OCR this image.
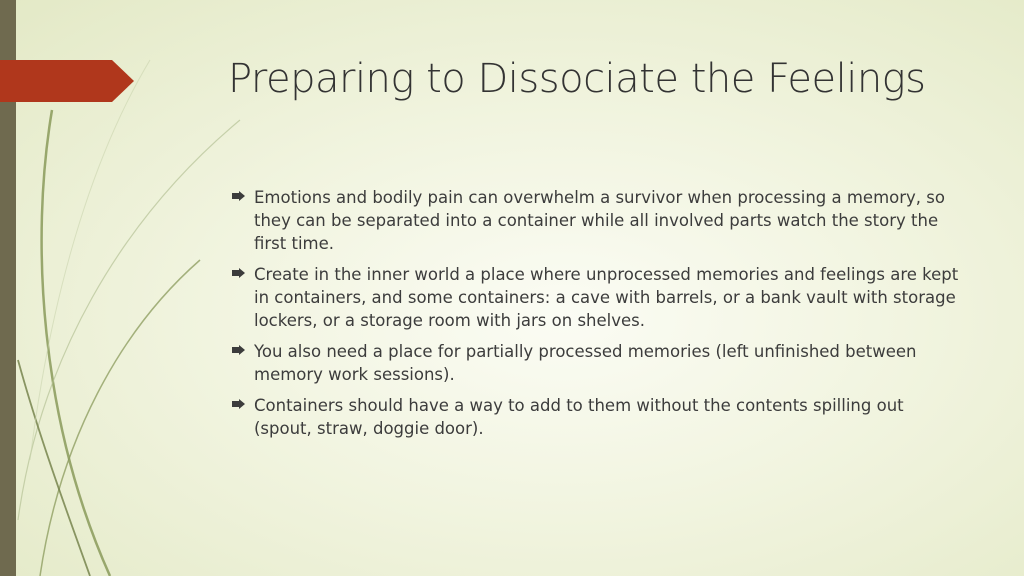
Preparing to Dissociate the Feelings
Emotions and bodily pain can overwhelm a survivor when processing a memory, so they can be separated into a container while all involved parts watch the story the first time.
Create in the inner world a place where unprocessed memories and feelings are kept in containers, and some containers: a cave with barrels, or a bank vault with storage lockers, or a storage room with jars on shelves.
You also need a place for partially processed memories (left unfinished between memory work sessions).
Containers should have a way to add to them without the contents spilling out (spout, straw, doggie door).
